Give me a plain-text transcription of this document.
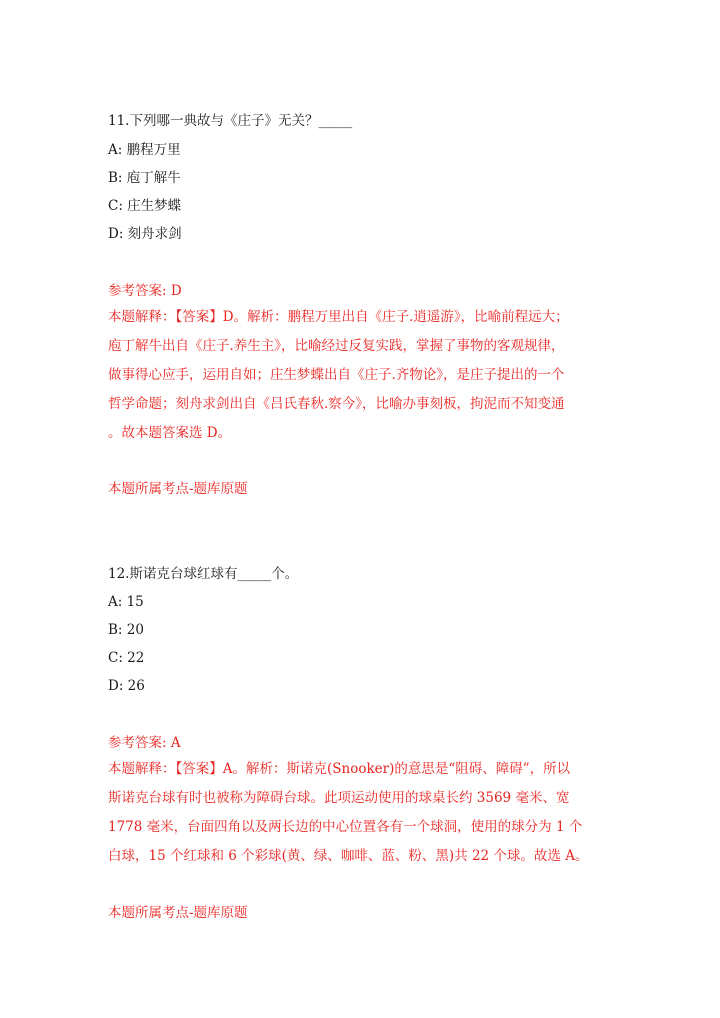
11.下列哪一典故与《庄子》无关？_____
A: 鹏程万里
B: 庖丁解牛
C: 庄生梦蝶
D: 刻舟求剑
参考答案: D
本题解释：【答案】D。解析：鹏程万里出自《庄子.逍遥游》，比喻前程远大；
庖丁解牛出自《庄子.养生主》，比喻经过反复实践，掌握了事物的客观规律，
做事得心应手，运用自如；庄生梦蝶出自《庄子.齐物论》，是庄子提出的一个
哲学命题；刻舟求剑出自《吕氏春秋.察今》，比喻办事刻板，拘泥而不知变通
。故本题答案选 D。
本题所属考点-题库原题
12.斯诺克台球红球有_____个。
A: 15
B: 20
C: 22
D: 26
参考答案: A
本题解释：【答案】A。解析：斯诺克(Snooker)的意思是“阻碍、障碍”，所以
斯诺克台球有时也被称为障碍台球。此项运动使用的球桌长约 3569 毫米、宽
1778 毫米，台面四角以及两长边的中心位置各有一个球洞，使用的球分为 1 个
白球，15 个红球和 6 个彩球(黄、绿、咖啡、蓝、粉、黑)共 22 个球。故选 A。
本题所属考点-题库原题
